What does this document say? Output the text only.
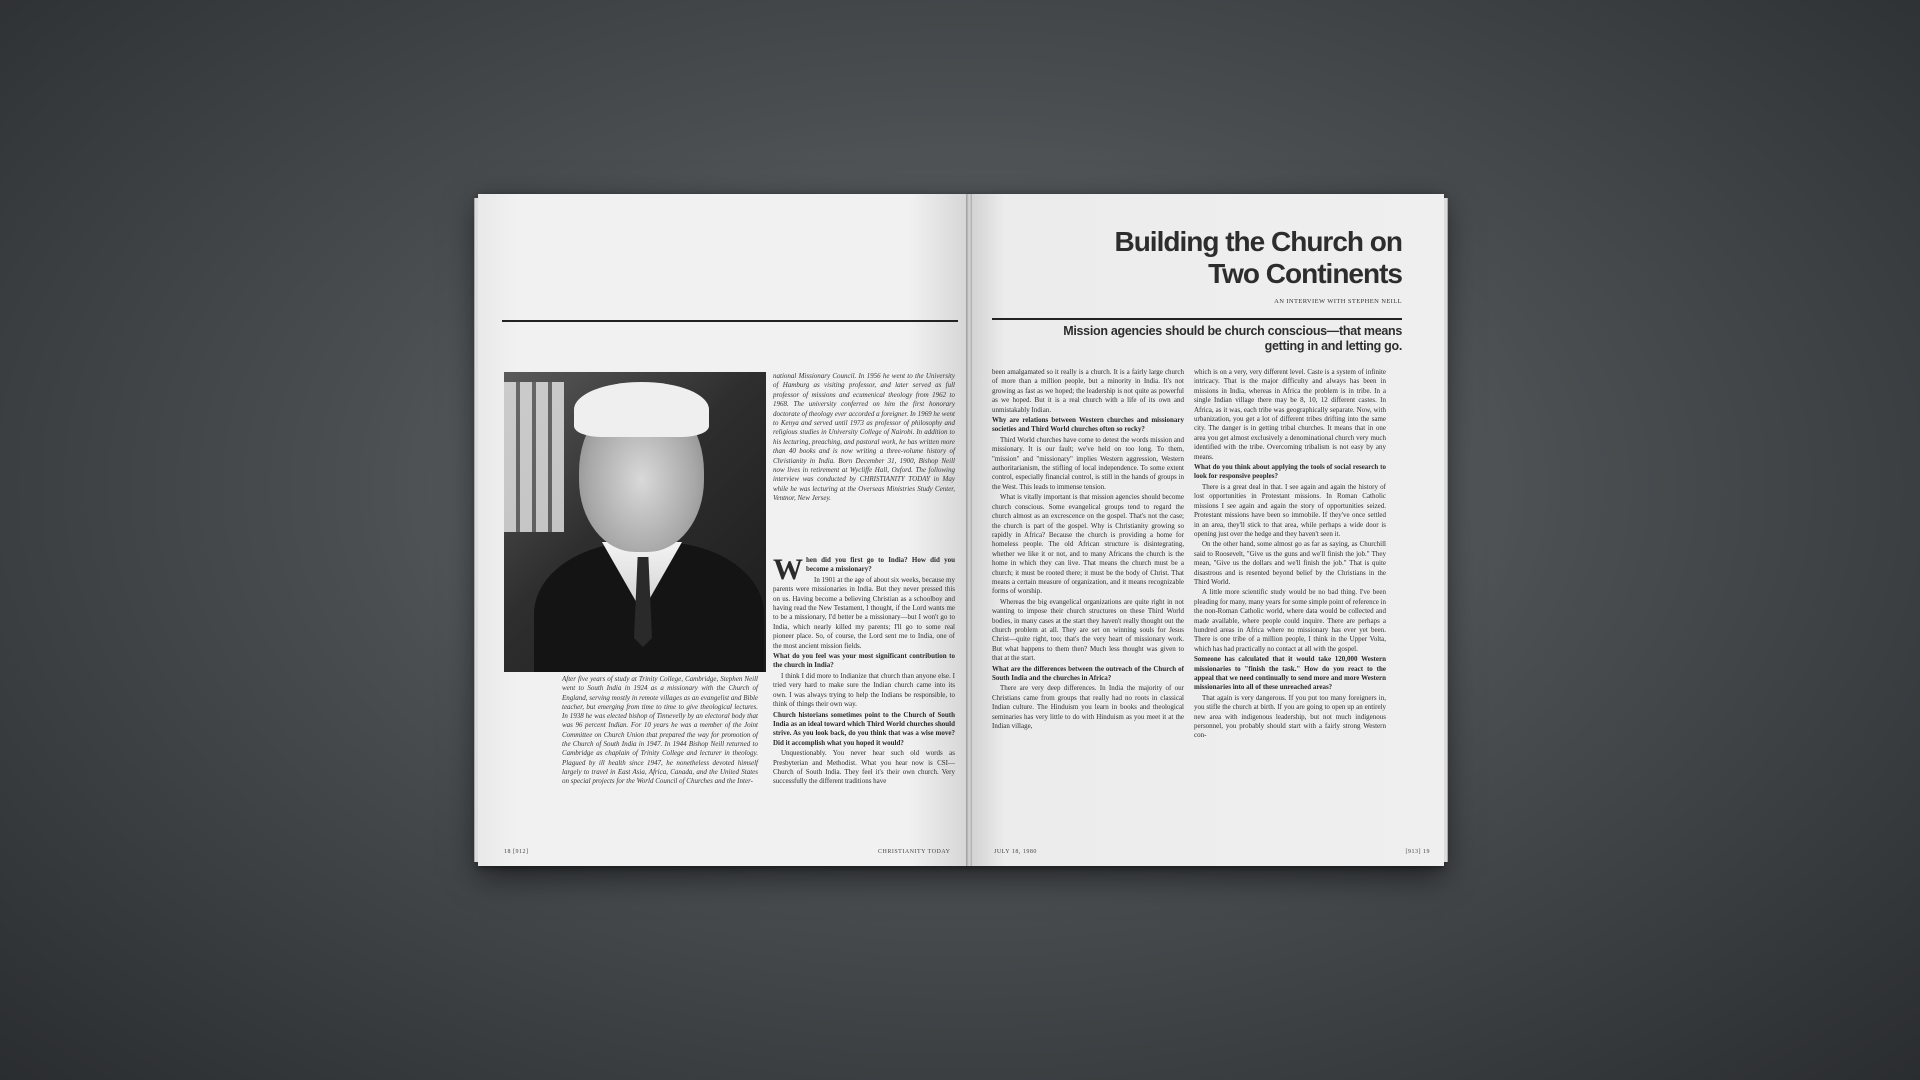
After five years of study at Trinity College, Cambridge, Stephen Neill went to South India in 1924 as a missionary with the Church of England, serving mostly in remote villages as an evangelist and Bible teacher, but emerging from time to time to give theological lectures. In 1938 he was elected bishop of Tinnevelly by an electoral body that was 96 percent Indian. For 10 years he was a member of the Joint Committee on Church Union that prepared the way for promotion of the Church of South India in 1947. In 1944 Bishop Neill returned to Cambridge as chaplain of Trinity College and lecturer in theology. Plagued by ill health since 1947, he nonetheless devoted himself largely to travel in East Asia, Africa, Canada, and the United States on special projects for the World Council of Churches and the Inter-

national Missionary Council. In 1956 he went to the University of Hamburg as visiting professor, and later served as full professor of missions and ecumenical theology from 1962 to 1968. The university conferred on him the first honorary doctorate of theology ever accorded a foreigner. In 1969 he went to Kenya and served until 1973 as professor of philosophy and religious studies in University College of Nairobi. In addition to his lecturing, preaching, and pastoral work, he has written more than 40 books and is now writing a three-volume history of Christianity in India. Born December 31, 1900, Bishop Neill now lives in retirement at Wycliffe Hall, Oxford. The following interview was conducted by CHRISTIANITY TODAY in May while he was lecturing at the Overseas Ministries Study Center, Ventnor, New Jersey.

When did you first go to India? How did you become a missionary?

In 1901 at the age of about six weeks, because my parents were missionaries in India. But they never pressed this on us. Having become a believing Christian as a schoolboy and having read the New Testament, I thought, if the Lord wants me to be a missionary, I'd better be a missionary—but I won't go to India, which nearly killed my parents; I'll go to some real pioneer place. So, of course, the Lord sent me to India, one of the most ancient mission fields.

What do you feel was your most significant contribution to the church in India?

I think I did more to Indianize that church than anyone else. I tried very hard to make sure the Indian church came into its own. I was always trying to help the Indians be responsible, to think of things their own way.

Church historians sometimes point to the Church of South India as an ideal toward which Third World churches should strive. As you look back, do you think that was a wise move? Did it accomplish what you hoped it would?

Unquestionably. You never hear such old words as Presbyterian and Methodist. What you hear now is CSI—Church of South India. They feel it's their own church. Very successfully the different traditions have

18 [912]	CHRISTIANITY TODAY
Building the Church on
Two Continents
AN INTERVIEW WITH STEPHEN NEILL
Mission agencies should be church conscious—that means
getting in and letting go.

been amalgamated so it really is a church. It is a fairly large church of more than a million people, but a minority in India. It's not growing as fast as we hoped; the leadership is not quite as powerful as we hoped. But it is a real church with a life of its own and unmistakably Indian.

Why are relations between Western churches and missionary societies and Third World churches often so rocky?

Third World churches have come to detest the words mission and missionary. It is our fault; we've held on too long. To them, "mission" and "missionary" implies Western aggression, Western authoritarianism, the stifling of local independence. To some extent control, especially financial control, is still in the hands of groups in the West. This leads to immense tension.

What is vitally important is that mission agencies should become church conscious. Some evangelical groups tend to regard the church almost as an excrescence on the gospel. That's not the case; the church is part of the gospel. Why is Christianity growing so rapidly in Africa? Because the church is providing a home for homeless people. The old African structure is disintegrating, whether we like it or not, and to many Africans the church is the home in which they can live. That means the church must be a church; it must be rooted there; it must be the body of Christ. That means a certain measure of organization, and it means recognizable forms of worship.

Whereas the big evangelical organizations are quite right in not wanting to impose their church structures on these Third World bodies, in many cases at the start they haven't really thought out the church problem at all. They are set on winning souls for Jesus Christ—quite right, too; that's the very heart of missionary work. But what happens to them then? Much less thought was given to that at the start.

What are the differences between the outreach of the Church of South India and the churches in Africa?

There are very deep differences. In India the majority of our Christians came from groups that really had no roots in classical Indian culture. The Hinduism you learn in books and theological seminaries has very little to do with Hinduism as you meet it at the Indian village,

which is on a very, very different level. Caste is a system of infinite intricacy. That is the major difficulty and always has been in missions in India, whereas in Africa the problem is in tribe. In a single Indian village there may be 8, 10, 12 different castes. In Africa, as it was, each tribe was geographically separate. Now, with urbanization, you get a lot of different tribes drifting into the same city. The danger is in getting tribal churches. It means that in one area you get almost exclusively a denominational church very much identified with the tribe. Overcoming tribalism is not easy by any means.

What do you think about applying the tools of social research to look for responsive peoples?

There is a great deal in that. I see again and again the history of lost opportunities in Protestant missions. In Roman Catholic missions I see again and again the story of opportunities seized. Protestant missions have been so immobile. If they've once settled in an area, they'll stick to that area, while perhaps a wide door is opening just over the hedge and they haven't seen it.

On the other hand, some almost go as far as saying, as Churchill said to Roosevelt, "Give us the guns and we'll finish the job." They mean, "Give us the dollars and we'll finish the job." That is quite disastrous and is resented beyond belief by the Christians in the Third World.

A little more scientific study would be no bad thing. I've been pleading for many, many years for some simple point of reference in the non-Roman Catholic world, where data would be collected and made available, where people could inquire. There are perhaps a hundred areas in Africa where no missionary has ever yet been. There is one tribe of a million people, I think in the Upper Volta, which has had practically no contact at all with the gospel.

Someone has calculated that it would take 120,000 Western missionaries to "finish the task." How do you react to the appeal that we need continually to send more and more Western missionaries into all of these unreached areas?

That again is very dangerous. If you put too many foreigners in, you stifle the church at birth. If you are going to open up an entirely new area with indigenous leadership, but not much indigenous personnel, you probably should start with a fairly strong Western con-

JULY 18, 1980	[913] 19
